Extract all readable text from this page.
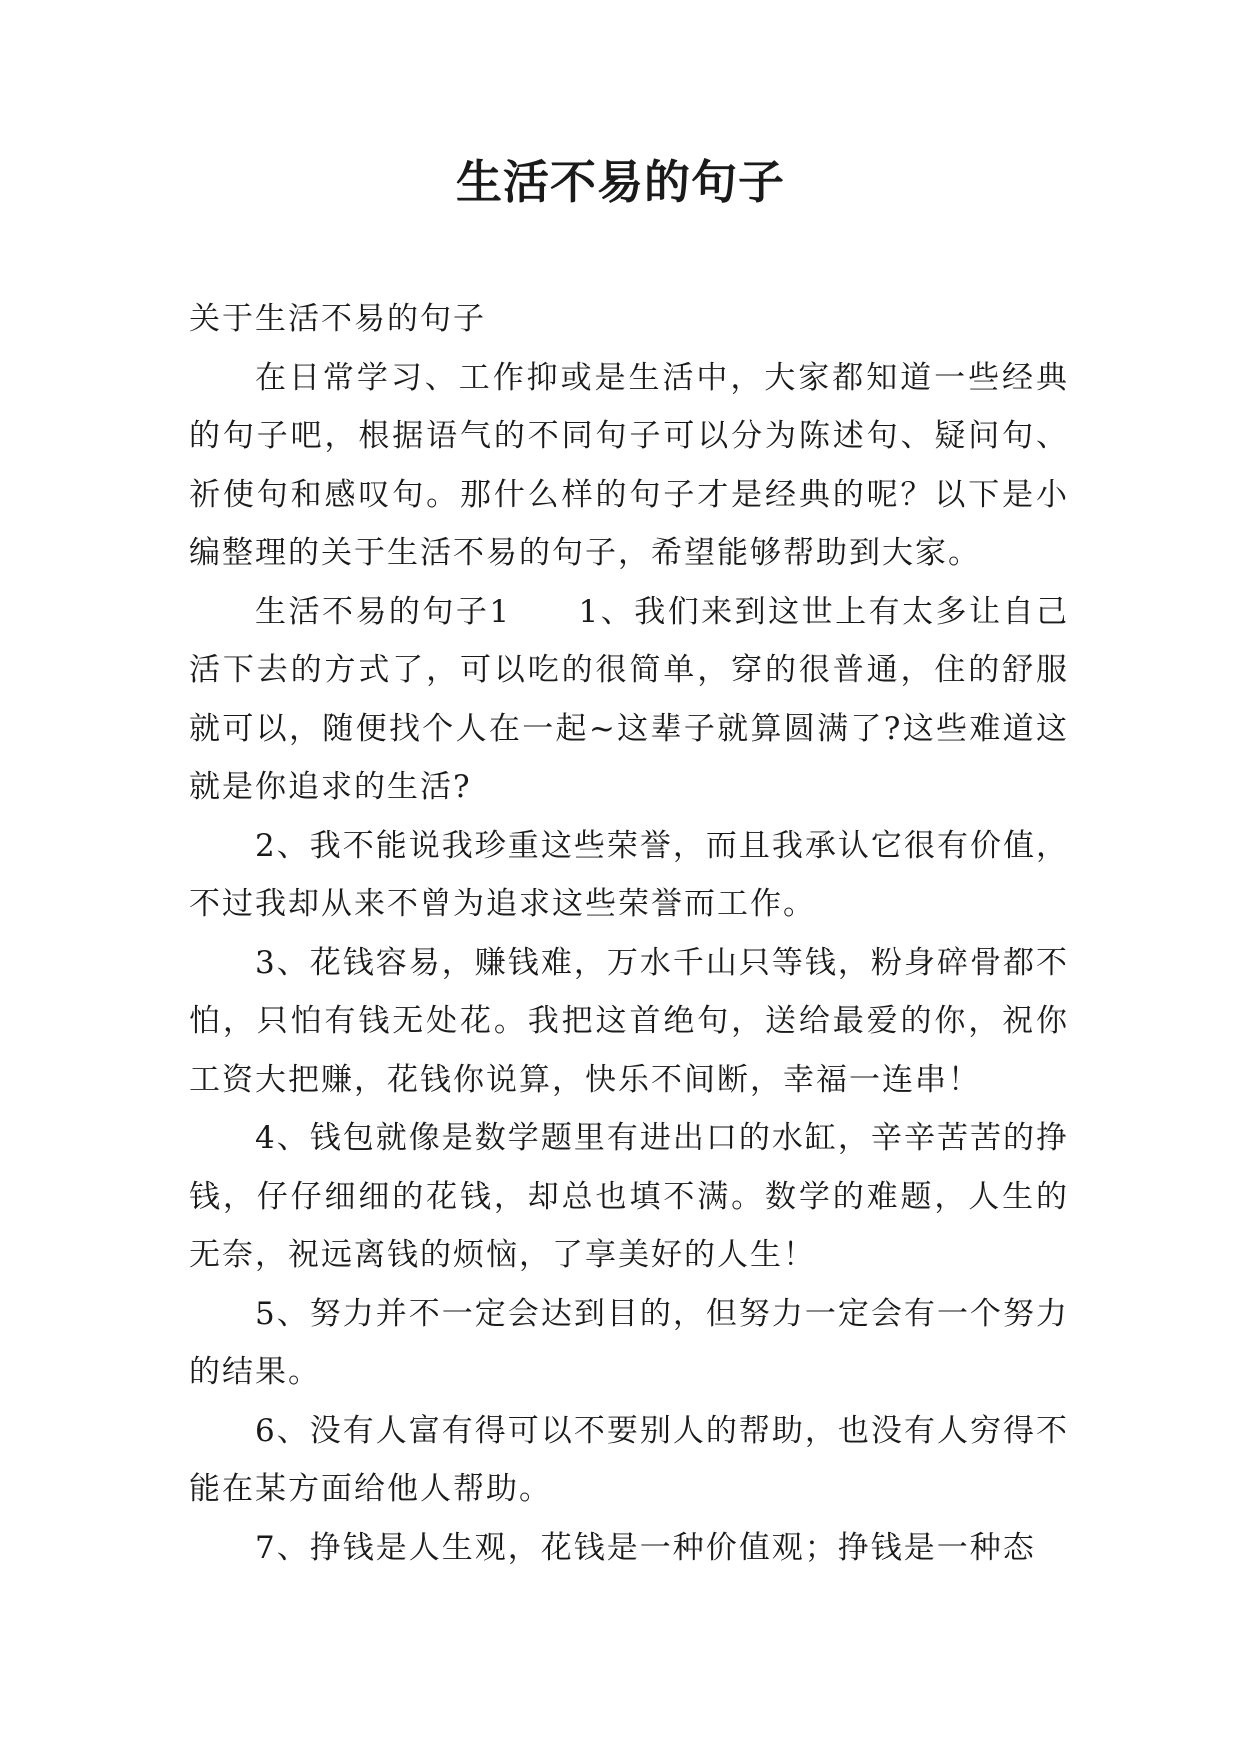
生活不易的句子

关于生活不易的句子

在日常学习、工作抑或是生活中，大家都知道一些经典的句子吧，根据语气的不同句子可以分为陈述句、疑问句、祈使句和感叹句。那什么样的句子才是经典的呢？以下是小编整理的关于生活不易的句子，希望能够帮助到大家。

生活不易的句子1　　1、我们来到这世上有太多让自己活下去的方式了，可以吃的很简单，穿的很普通，住的舒服就可以，随便找个人在一起~这辈子就算圆满了?这些难道这就是你追求的生活?

2、我不能说我珍重这些荣誉，而且我承认它很有价值，不过我却从来不曾为追求这些荣誉而工作。

3、花钱容易，赚钱难，万水千山只等钱，粉身碎骨都不怕，只怕有钱无处花。我把这首绝句，送给最爱的你，祝你工资大把赚，花钱你说算，快乐不间断，幸福一连串！

4、钱包就像是数学题里有进出口的水缸，辛辛苦苦的挣钱，仔仔细细的花钱，却总也填不满。数学的难题，人生的无奈，祝远离钱的烦恼，了享美好的人生！

5、努力并不一定会达到目的，但努力一定会有一个努力的结果。

6、没有人富有得可以不要别人的帮助，也没有人穷得不能在某方面给他人帮助。

7、挣钱是人生观，花钱是一种价值观；挣钱是一种态
